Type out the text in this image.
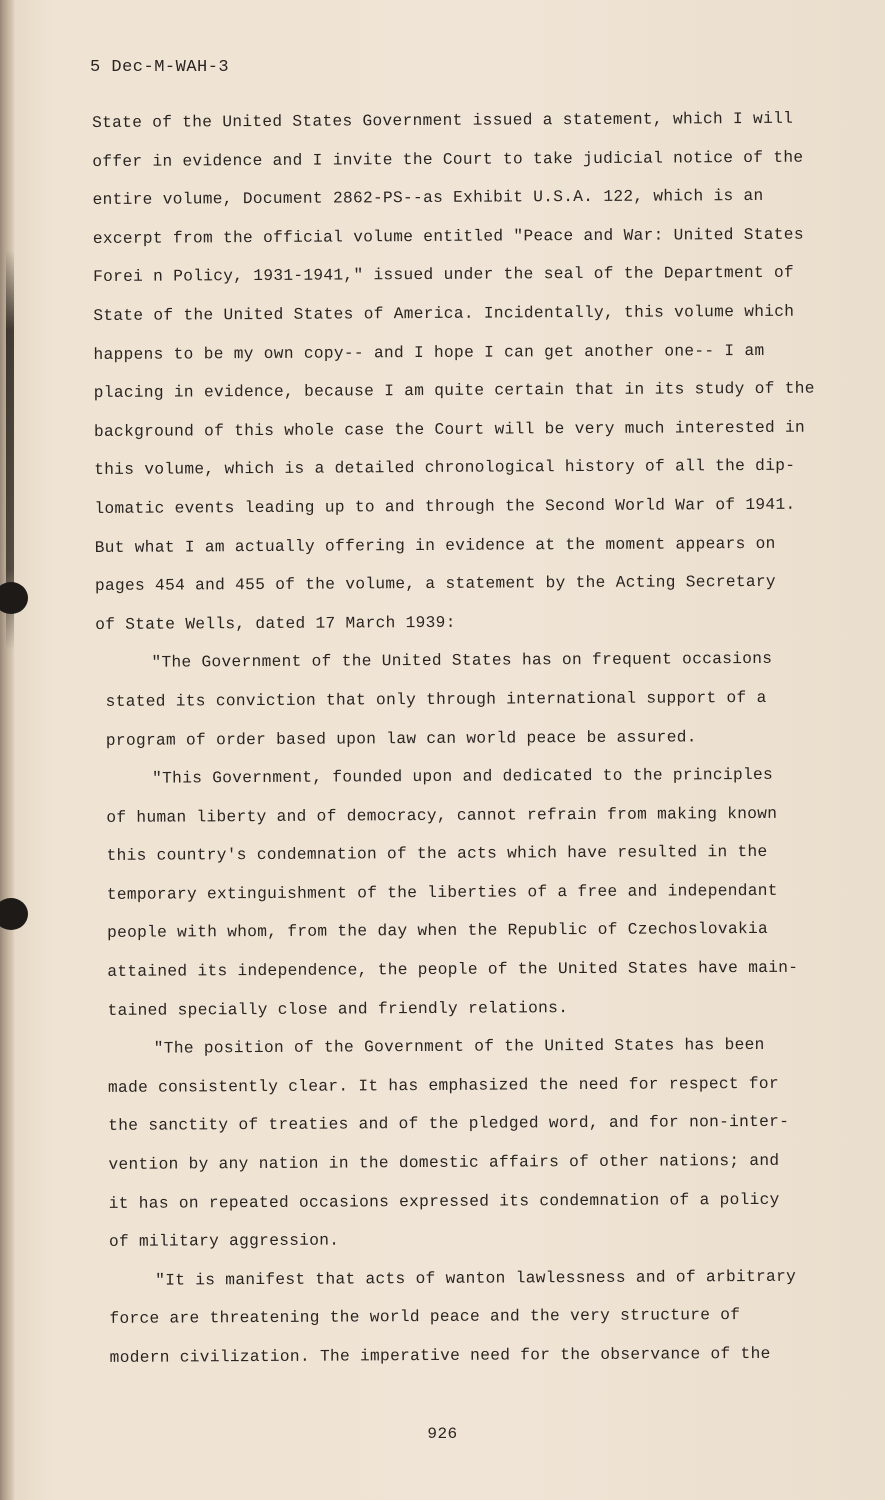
5 Dec-M-WAH-3
State of the United States Government issued a statement, which I will
offer in evidence and I invite the Court to take judicial notice of the
entire volume, Document 2862-PS--as Exhibit U.S.A. 122, which is an
excerpt from the official volume entitled "Peace and War: United States
Forei n Policy, 1931-1941," issued under the seal of the Department of
State of the United States of America. Incidentally, this volume which
happens to be my own copy-- and I hope I can get another one-- I am
placing in evidence, because I am quite certain that in its study of the
background of this whole case the Court will be very much interested in
this volume, which is a detailed chronological history of all the dip-
lomatic events leading up to and through the Second World War of 1941.
But what I am actually offering in evidence at the moment appears on
pages 454 and 455 of the volume, a statement by the Acting Secretary
of State Wells, dated 17 March 1939:
"The Government of the United States has on frequent occasions
stated its conviction that only through international support of a
program of order based upon law can world peace be assured.
"This Government, founded upon and dedicated to the principles
of human liberty and of democracy, cannot refrain from making known
this country's condemnation of the acts which have resulted in the
temporary extinguishment of the liberties of a free and independant
people with whom, from the day when the Republic of Czechoslovakia
attained its independence, the people of the United States have main-
tained specially close and friendly relations.
"The position of the Government of the United States has been
made consistently clear. It has emphasized the need for respect for
the sanctity of treaties and of the pledged word, and for non-inter-
vention by any nation in the domestic affairs of other nations; and
it has on repeated occasions expressed its condemnation of a policy
of military aggression.
"It is manifest that acts of wanton lawlessness and of arbitrary
force are threatening the world peace and the very structure of
modern civilization. The imperative need for the observance of the
926
